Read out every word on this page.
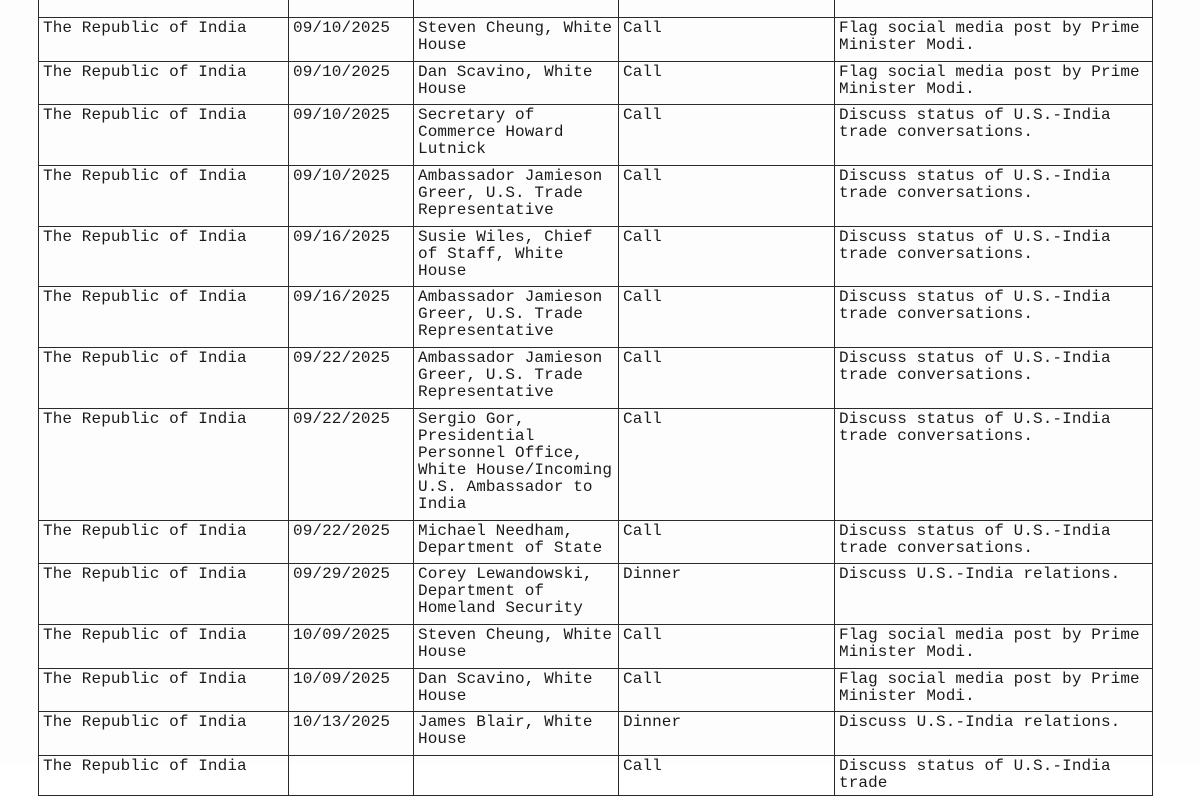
The Republic of India	09/10/2025	Steven Cheung, White House	Call	Flag social media post by Prime Minister Modi.
The Republic of India	09/10/2025	Dan Scavino, White House	Call	Flag social media post by Prime Minister Modi.
The Republic of India	09/10/2025	Secretary of Commerce Howard Lutnick	Call	Discuss status of U.S.-India trade conversations.
The Republic of India	09/10/2025	Ambassador Jamieson Greer, U.S. Trade Representative	Call	Discuss status of U.S.-India trade conversations.
The Republic of India	09/16/2025	Susie Wiles, Chief of Staff, White House	Call	Discuss status of U.S.-India trade conversations.
The Republic of India	09/16/2025	Ambassador Jamieson Greer, U.S. Trade Representative	Call	Discuss status of U.S.-India trade conversations.
The Republic of India	09/22/2025	Ambassador Jamieson Greer, U.S. Trade Representative	Call	Discuss status of U.S.-India trade conversations.
The Republic of India	09/22/2025	Sergio Gor, Presidential Personnel Office, White House/Incoming U.S. Ambassador to India	Call	Discuss status of U.S.-India trade conversations.
The Republic of India	09/22/2025	Michael Needham, Department of State	Call	Discuss status of U.S.-India trade conversations.
The Republic of India	09/29/2025	Corey Lewandowski, Department of Homeland Security	Dinner	Discuss U.S.-India relations.
The Republic of India	10/09/2025	Steven Cheung, White House	Call	Flag social media post by Prime Minister Modi.
The Republic of India	10/09/2025	Dan Scavino, White House	Call	Flag social media post by Prime Minister Modi.
The Republic of India	10/13/2025	James Blair, White House	Dinner	Discuss U.S.-India relations.
The Republic of India			Call	Discuss status of U.S.-India trade
